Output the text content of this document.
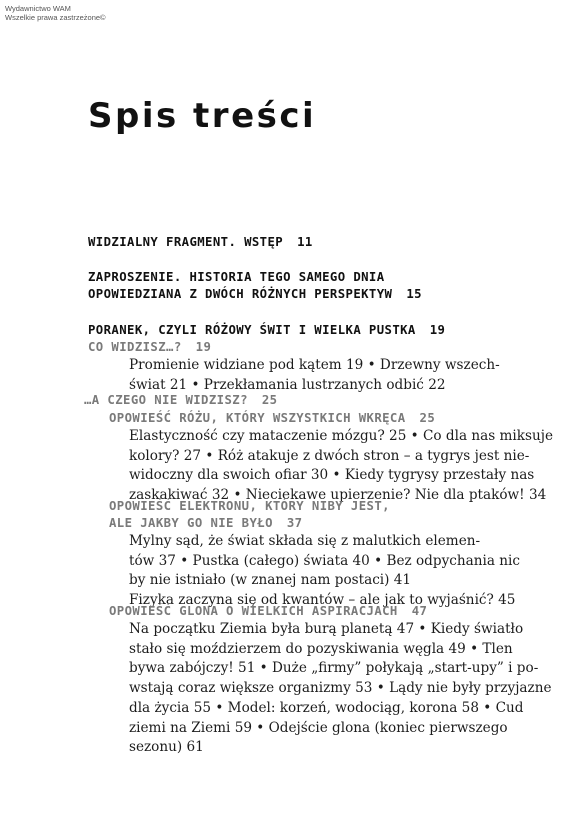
Wydawnictwo WAM
Wszelkie prawa zastrzeżone©
Spis treści
WIDZIALNY FRAGMENT. WSTĘP 11
ZAPROSZENIE. HISTORIA TEGO SAMEGO DNIA
OPOWIEDZIANA Z DWÓCH RÓŻNYCH PERSPEKTYW 15
PORANEK, CZYLI RÓŻOWY ŚWIT I WIELKA PUSTKA 19
CO WIDZISZ…? 19
Promienie widziane pod kątem 19 • Drzewny wszech-
świat 21 • Przekłamania lustrzanych odbić 22
…A CZEGO NIE WIDZISZ? 25
OPOWIEŚĆ RÓŻU, KTÓRY WSZYSTKICH WKRĘCA 25
Elastyczność czy mataczenie mózgu? 25 • Co dla nas miksuje
kolory? 27 • Róż atakuje z dwóch stron – a tygrys jest nie-
widoczny dla swoich ofiar 30 • Kiedy tygrysy przestały nas
zaskakiwać 32 • Nieciekawe upierzenie? Nie dla ptaków! 34
OPOWIEŚĆ ELEKTRONU, KTÓRY NIBY JEST,
ALE JAKBY GO NIE BYŁO 37
Mylny sąd, że świat składa się z malutkich elemen-
tów 37 • Pustka (całego) świata 40 • Bez odpychania nic
by nie istniało (w znanej nam postaci) 41
Fizyka zaczyna się od kwantów – ale jak to wyjaśnić? 45
OPOWIEŚĆ GLONA O WIELKICH ASPIRACJACH 47
Na początku Ziemia była burą planetą 47 • Kiedy światło
stało się moździerzem do pozyskiwania węgla 49 • Tlen
bywa zabójczy! 51 • Duże „firmy” połykają „start-upy” i po-
wstają coraz większe organizmy 53 • Lądy nie były przyjazne
dla życia 55 • Model: korzeń, wodociąg, korona 58 • Cud
ziemi na Ziemi 59 • Odejście glona (koniec pierwszego
sezonu) 61
